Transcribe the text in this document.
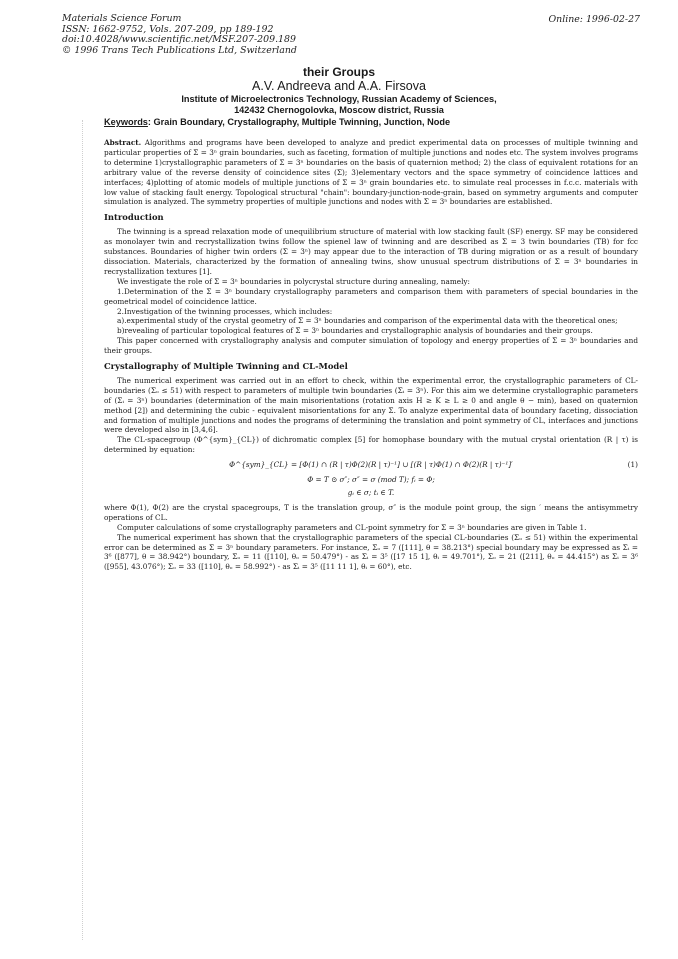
Materials Science Forum
ISSN: 1662-9752, Vols. 207-209, pp 189-192
doi:10.4028/www.scientific.net/MSF.207-209.189
© 1996 Trans Tech Publications Ltd, Switzerland
Online: 1996-02-27
their Groups
A.V. Andreeva and A.A. Firsova
Institute of Microelectronics Technology, Russian Academy of Sciences,
142432 Chernogolovka, Moscow district, Russia
Keywords: Grain Boundary, Crystallography, Multiple Twinning, Junction, Node

Abstract. Algorithms and programs have been developed to analyze and predict experimental data on processes of multiple twinning and particular properties of Σ = 3ⁿ grain boundaries, such as faceting, formation of multiple junctions and nodes etc. The system involves programs to determine 1)crystallographic parameters of Σ = 3ⁿ boundaries on the basis of quaternion method; 2) the class of equivalent rotations for an arbitrary value of the reverse density of coincidence sites (Σ); 3)elementary vectors and the space symmetry of coincidence lattices and interfaces; 4)plotting of atomic models of multiple junctions of Σ = 3ⁿ grain boundaries etc. to simulate real processes in f.c.c. materials with low value of stacking fault energy. Topological structural "chain": boundary-junction-node-grain, based on symmetry arguments and computer simulation is analyzed. The symmetry properties of multiple junctions and nodes with Σ = 3ⁿ boundaries are established.

Introduction

The twinning is a spread relaxation mode of unequilibrium structure of material with low stacking fault (SF) energy. SF may be considered as monolayer twin and recrystallization twins follow the spienel law of twinning and are described as Σ = 3 twin boundaries (TB) for fcc substances. Boundaries of higher twin orders (Σ = 3ⁿ) may appear due to the interaction of TB during migration or as a result of boundary dissociation. Materials, characterized by the formation of annealing twins, show unusual spectrum distributions of Σ = 3ⁿ boundaries in recrystallization textures [1].

We investigate the role of Σ = 3ⁿ boundaries in polycrystal structure during annealing, namely:

1.Determination of the Σ = 3ⁿ boundary crystallography parameters and comparison them with parameters of special boundaries in the geometrical model of coincidence lattice.

2.Investigation of the twinning processes, which includes:

a).experimental study of the crystal geometry of Σ = 3ⁿ boundaries and comparison of the experimental data with the theoretical ones;

b)revealing of particular topological features of Σ = 3ⁿ boundaries and crystallographic analysis of boundaries and their groups.

This paper concerned with crystallography analysis and computer simulation of topology and energy properties of Σ = 3ⁿ boundaries and their groups.

Crystallography of Multiple Twinning and CL-Model

The numerical experiment was carried out in an effort to check, within the experimental error, the crystallographic parameters of CL-boundaries (Σₒ ≤ 51) with respect to parameters of multiple twin boundaries (Σᵢ = 3ⁿ). For this aim we determine crystallographic parameters of (Σᵢ = 3ⁿ) boundaries (determination of the main misorientations (rotation axis H ≥ K ≥ L ≥ 0 and angle θ − min), based on quaternion method [2]) and determining the cubic - equivalent misorientations for any Σ. To analyze experimental data of boundary faceting, dissociation and formation of multiple junctions and nodes the programs of determining the translation and point symmetry of CL, interfaces and junctions were developed also in [3,4,6].

The CL-spacegroup (Φ^{sym}_{CL}) of dichromatic complex [5] for homophase boundary with the mutual crystal orientation (R | τ) is determined by equation:

Φ^{sym}_{CL} = [Φ(1) ∩ (R | τ)Φ(2)(R | τ)⁻¹] ∪ [(R | τ)Φ(1) ∩ Φ(2)(R | τ)⁻¹]′	(1)

Φ = T ⊙ σ″; σ″ = σ (mod T); fᵢ = Φ;

gᵢ ∈ σ; tᵢ ∈ T.

where Φ(1), Φ(2) are the crystal spacegroups, T is the translation group, σ″ is the module point group, the sign ′ means the antisymmetry operations of CL.

Computer calculations of some crystallography parameters and CL-point symmetry for Σ = 3ⁿ boundaries are given in Table 1.

The numerical experiment has shown that the crystallographic parameters of the special CL-boundaries (Σₒ ≤ 51) within the experimental error can be determined as Σ = 3ⁿ boundary parameters. For instance, Σₒ = 7 ([111], θ = 38.213°) special boundary may be expressed as Σᵢ = 3⁶ ([877], θ = 38.942°) boundary, Σₒ = 11 ([110], θₒ = 50.479°) - as Σᵢ = 3⁵ ([17 15 1], θᵢ = 49.701°), Σₒ = 21 ([211], θₒ = 44.415°) as Σᵢ = 3⁶ ([955], 43.076°); Σₒ = 33 ([110], θₒ = 58.992°) - as Σᵢ = 3⁵ ([11 11 1], θᵢ = 60°), etc.
